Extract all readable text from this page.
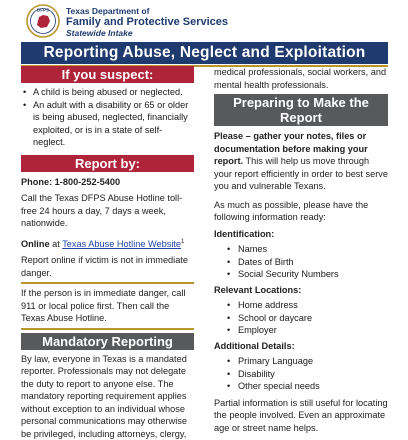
DFPS Texas Department of
Family and Protective Services
Statewide Intake
Reporting Abuse, Neglect and Exploitation
If you suspect:
• A child is being abused or neglected.
• An adult with a disability or 65 or older is being abused, neglected, financially exploited, or is in a state of self-neglect.
Report by:
Phone: 1-800-252-5400
Call the Texas DFPS Abuse Hotline toll-free 24 hours a day, 7 days a week, nationwide.
Online at Texas Abuse Hotline Website$^1$
Report online if victim is not in immediate danger.
If the person is in immediate danger, call 911 or local police first. Then call the Texas Abuse Hotline.
Mandatory Reporting
By law, everyone in Texas is a mandated reporter. Professionals may not delegate the duty to report to anyone else. The mandatory reporting requirement applies without exception to an individual whose personal communications may otherwise be privileged, including attorneys, clergy,
medical professionals, social workers, and mental health professionals.
Preparing to Make the
Report
Please – gather your notes, files or documentation before making your report. This will help us move through your report efficiently in order to best serve you and vulnerable Texans.
As much as possible, please have the following information ready:
Identification:
• Names
• Dates of Birth
• Social Security Numbers
Relevant Locations:
• Home address
• School or daycare
• Employer
Additional Details:
• Primary Language
• Disability
• Other special needs
Partial information is still useful for locating the people involved. Even an approximate age or street name helps.
